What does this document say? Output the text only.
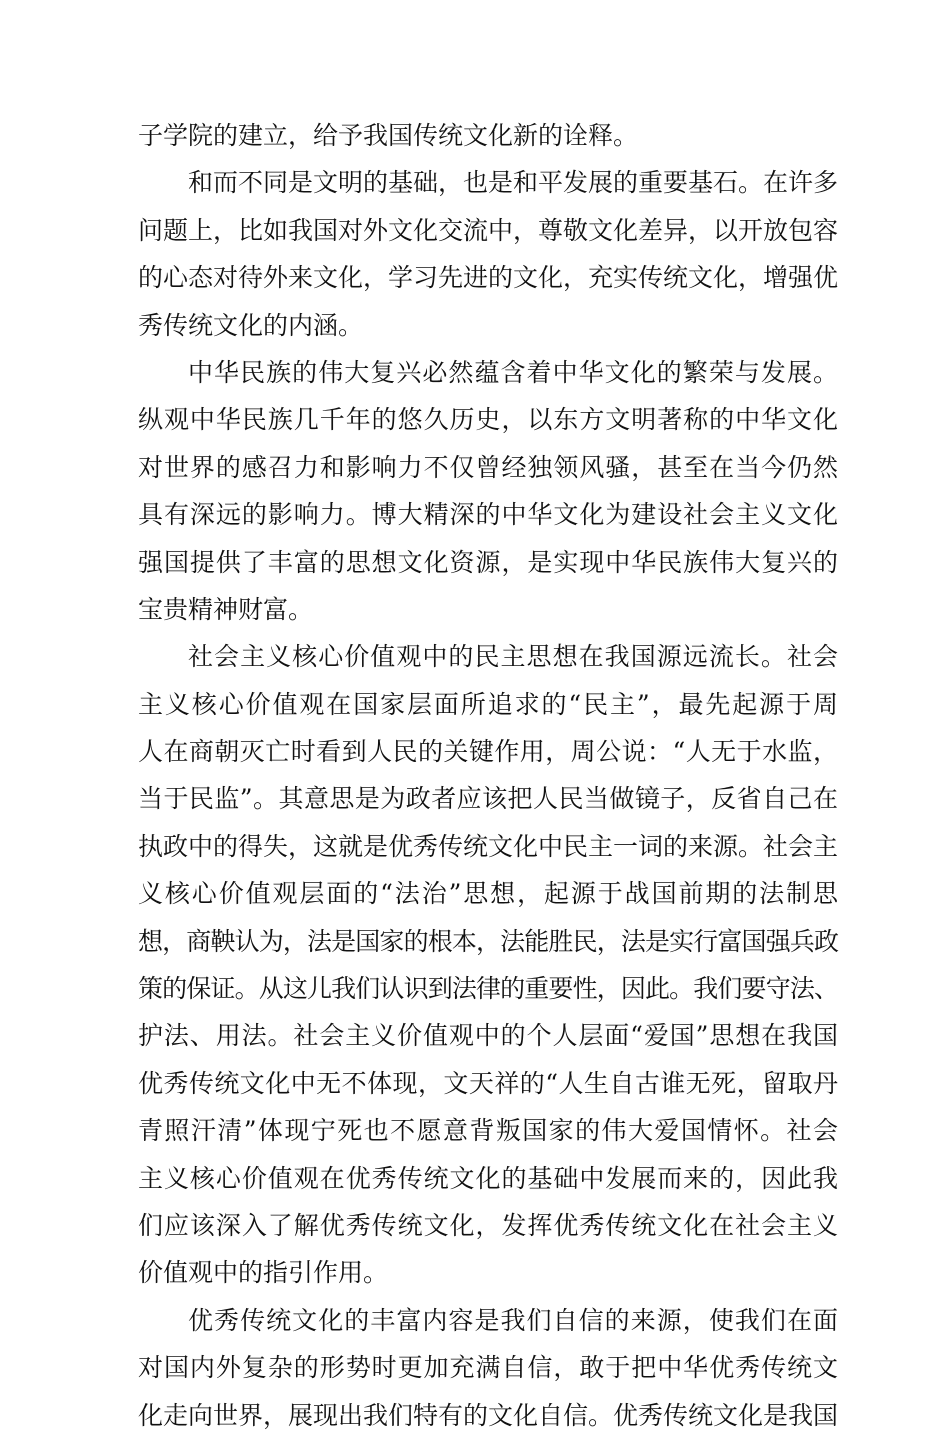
子学院的建立，给予我国传统文化新的诠释。
和而不同是文明的基础，也是和平发展的重要基石。在许多
问题上，比如我国对外文化交流中，尊敬文化差异，以开放包容
的心态对待外来文化，学习先进的文化，充实传统文化，增强优
秀传统文化的内涵。
中华民族的伟大复兴必然蕴含着中华文化的繁荣与发展。
纵观中华民族几千年的悠久历史，以东方文明著称的中华文化
对世界的感召力和影响力不仅曾经独领风骚，甚至在当今仍然
具有深远的影响力。博大精深的中华文化为建设社会主义文化
强国提供了丰富的思想文化资源，是实现中华民族伟大复兴的
宝贵精神财富。
社会主义核心价值观中的民主思想在我国源远流长。社会
主义核心价值观在国家层面所追求的“民主”，最先起源于周
人在商朝灭亡时看到人民的关键作用，周公说：“人无于水监，
当于民监”。其意思是为政者应该把人民当做镜子，反省自己在
执政中的得失，这就是优秀传统文化中民主一词的来源。社会主
义核心价值观层面的“法治”思想，起源于战国前期的法制思
想，商鞅认为，法是国家的根本，法能胜民，法是实行富国强兵政
策的保证。从这儿我们认识到法律的重要性，因此。我们要守法、
护法、用法。社会主义价值观中的个人层面“爱国”思想在我国
优秀传统文化中无不体现，文天祥的“人生自古谁无死，留取丹
青照汗清”体现宁死也不愿意背叛国家的伟大爱国情怀。社会
主义核心价值观在优秀传统文化的基础中发展而来的，因此我
们应该深入了解优秀传统文化，发挥优秀传统文化在社会主义
价值观中的指引作用。
优秀传统文化的丰富内容是我们自信的来源，使我们在面
对国内外复杂的形势时更加充满自信，敢于把中华优秀传统文
化走向世界，展现出我们特有的文化自信。优秀传统文化是我国
